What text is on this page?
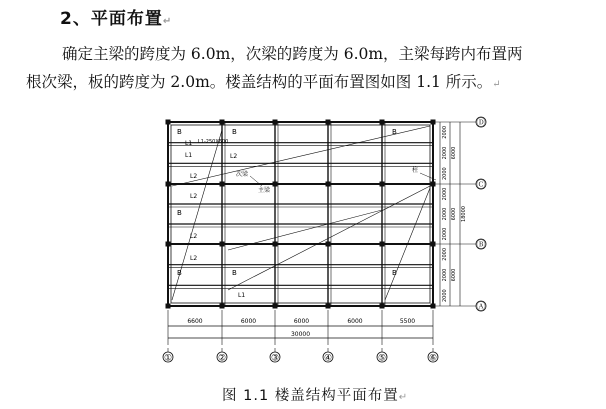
2、平面布置↵
确定主梁的跨度为 6.0m，次梁的跨度为 6.0m，主梁每跨内布置两
根次梁，板的跨度为 2.0m。楼盖结构的平面布置图如图 1.1 所示。↵
B	B
B
B	B
B
B
L1
L1
L2
L2
L2
L2
L2
L1
L1-250X600
次梁
主梁
柱
6600	6000	6000	6000	5500
30000
①	②	③	④	⑤	⑥
2000
2000
2000
2000
2000
2000
2000
2000
2000
6000
6000
6000
18000
Ⓓ
Ⓒ
Ⓑ
Ⓐ
图 1.1 楼盖结构平面布置↵
